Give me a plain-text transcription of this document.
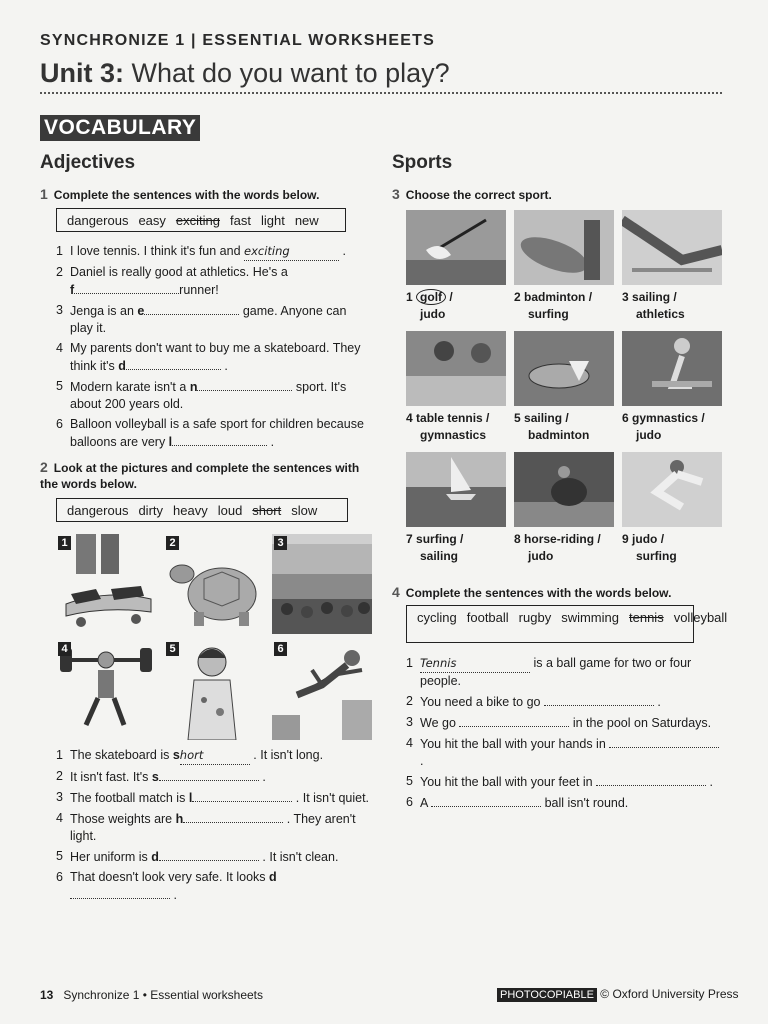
SYNCHRONIZE 1 | ESSENTIAL WORKSHEETS
Unit 3: What do you want to play?
VOCABULARY
Adjectives
1 Complete the sentences with the words below.
dangerous easy exciting fast light new
1 I love tennis. I think it's fun and exciting	.
2 Daniel is really good at athletics. He's a
f	runner!
3 Jenga is an e	game. Anyone can
play it.
4 My parents don't want to buy me a skateboard. They
think it's d	.
5 Modern karate isn't a n	sport. It's
about 200 years old.
6 Balloon volleyball is a safe sport for children because
balloons are very l	.
2 Look at the pictures and complete the sentences with the words below.
dangerous dirty heavy loud short slow
1	2	3
4	5	6
1 The skateboard is short	. It isn't long.
2 It isn't fast. It's s	.
3 The football match is l	. It isn't quiet.
4 Those weights are h	. They aren't
light.
5 Her uniform is d	. It isn't clean.
6 That doesn't look very safe. It looks d .
Sports
3 Choose the correct sport.
1 golf /
judo
2 badminton /
surfing
3 sailing /
athletics
4 table tennis /
gymnastics
5 sailing /
badminton
6 gymnastics /
judo
7 surfing /
sailing
8 horse-riding /
judo
9 judo /
surfing
4 Complete the sentences with the words below.
cycling football rugby swimming tennis volleyball
1 Tennis	is a ball game for two or four
people.
2 You need a bike to go	.
3 We go	in the pool on Saturdays.
4 You hit the ball with your hands in  .
5 You hit the ball with your feet in	.
6 A	ball isn't round.
13 Synchronize 1 • Essential worksheets	PHOTOCOPIABLE © Oxford University Press
